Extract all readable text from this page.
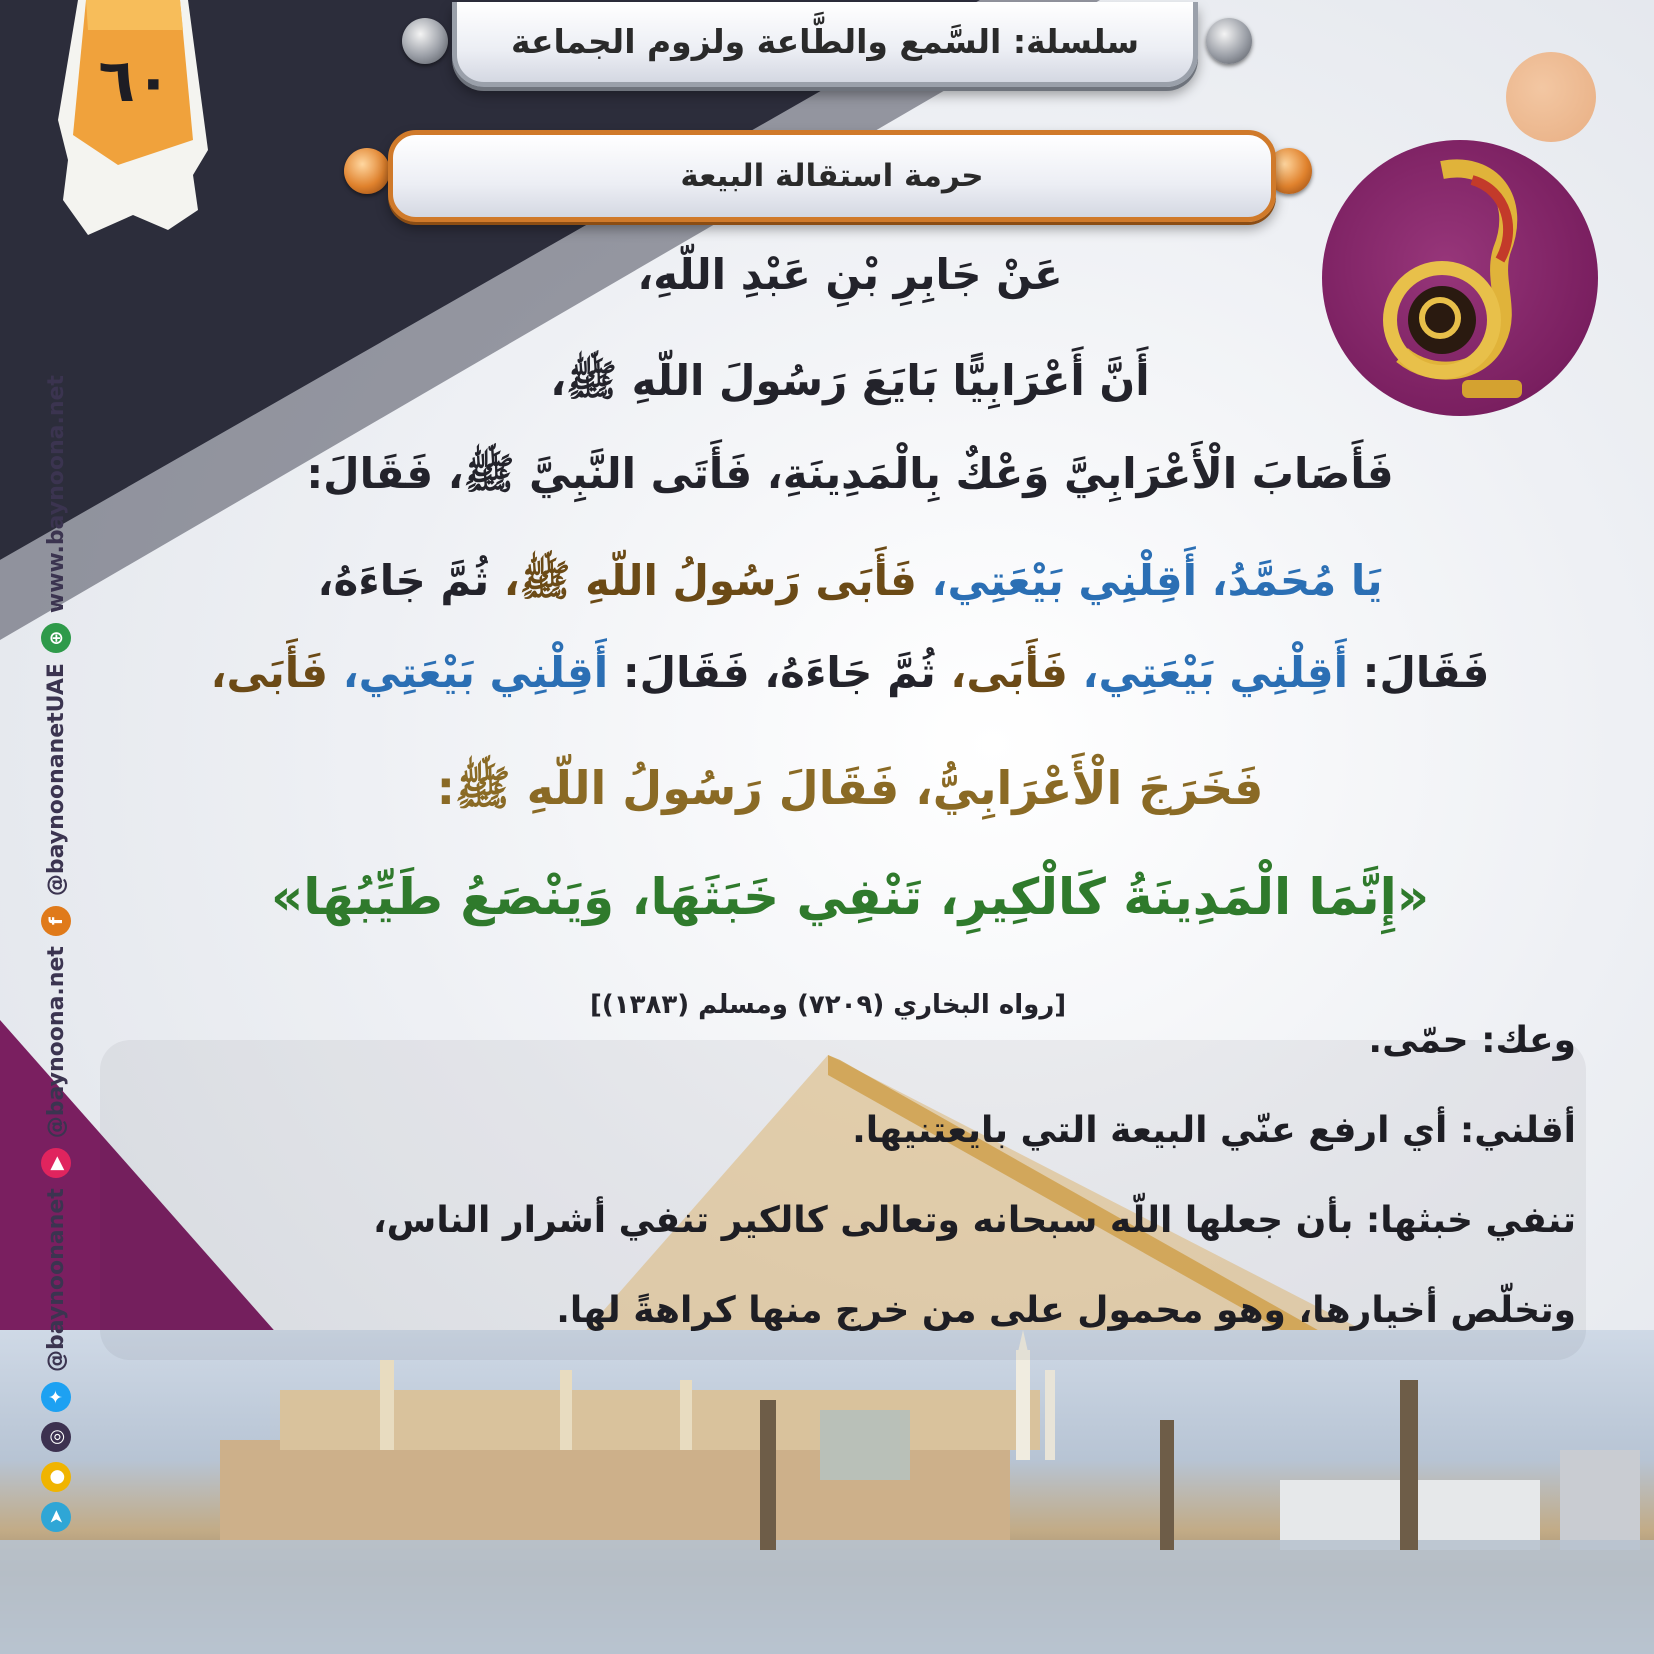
٦٠
سلسلة: السَّمع والطَّاعة ولزوم الجماعة
حرمة استقالة البيعة
عَنْ جَابِرِ بْنِ عَبْدِ اللّهِ،
أَنَّ أَعْرَابِيًّا بَايَعَ رَسُولَ اللّهِ ﷺ،
فَأَصَابَ الْأَعْرَابِيَّ وَعْكٌ بِالْمَدِينَةِ، فَأَتَى النَّبِيَّ ﷺ، فَقَالَ:
يَا مُحَمَّدُ، أَقِلْنِي بَيْعَتِي، فَأَبَى رَسُولُ اللّهِ ﷺ، ثُمَّ جَاءَهُ،
فَقَالَ: أَقِلْنِي بَيْعَتِي، فَأَبَى، ثُمَّ جَاءَهُ، فَقَالَ: أَقِلْنِي بَيْعَتِي، فَأَبَى،
فَخَرَجَ الْأَعْرَابِيُّ، فَقَالَ رَسُولُ اللّهِ ﷺ:
«إِنَّمَا الْمَدِينَةُ كَالْكِيرِ، تَنْفِي خَبَثَهَا، وَيَنْصَعُ طَيِّبُهَا»
[رواه البخاري (٧٢٠٩) ومسلم (١٣٨٣)]
وعك: حمّى.
أقلني: أي ارفع عنّي البيعة التي بايعتنيها.
تنفي خبثها: بأن جعلها اللّه سبحانه وتعالى كالكير تنفي أشرار الناس،
وتخلّص أخيارها، وهو محمول على من خرج منها كراهةً لها.
➤
●
◎
✦
@baynoonanet
▶
@baynoona.net
f
@baynoonanetUAE
⊕
www.baynoona.net
